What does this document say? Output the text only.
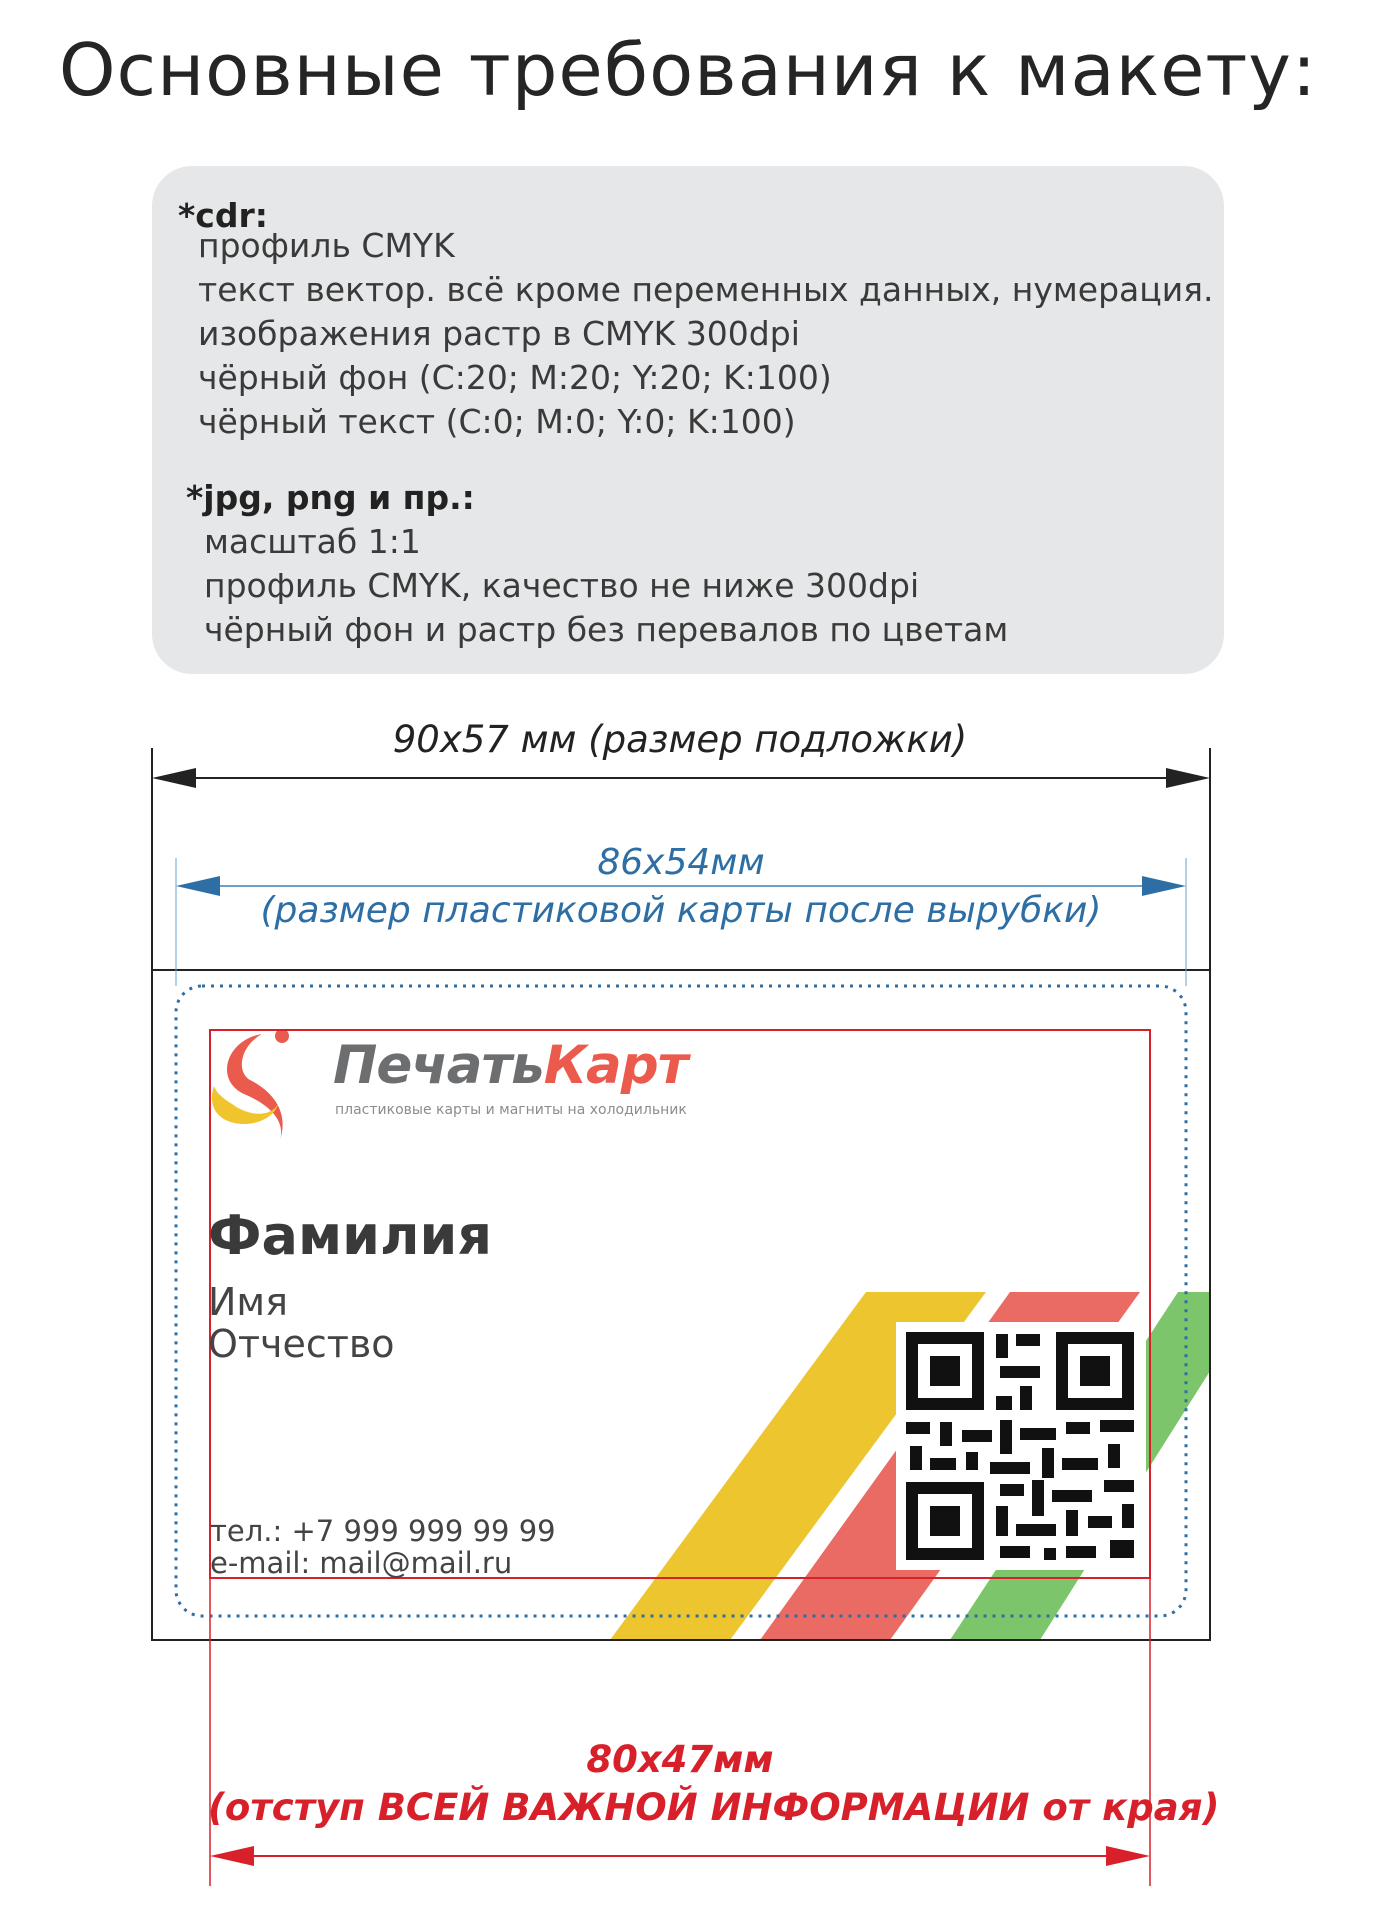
Основные требования к макету:
*cdr:
профиль CMYK
текст вектор. всё кроме переменных данных, нумерация.
изображения растр в CMYK 300dpi
чёрный фон (C:20; M:20; Y:20; K:100)
чёрный текст (C:0; M:0; Y:0; K:100)
*jpg, png и пр.:
масштаб 1:1
профиль CMYK, качество не ниже 300dpi
чёрный фон и растр без перевалов по цветам
90x57 мм (размер подложки)
86x54мм
(размер пластиковой карты после вырубки)
80x47мм
(отступ ВСЕЙ ВАЖНОЙ ИНФОРМАЦИИ от края)
ПечатьКарт
пластиковые карты и магниты на холодильник
Фамилия
Имя
Отчество
тел.: +7 999 999 99 99
e-mail: mail@mail.ru
